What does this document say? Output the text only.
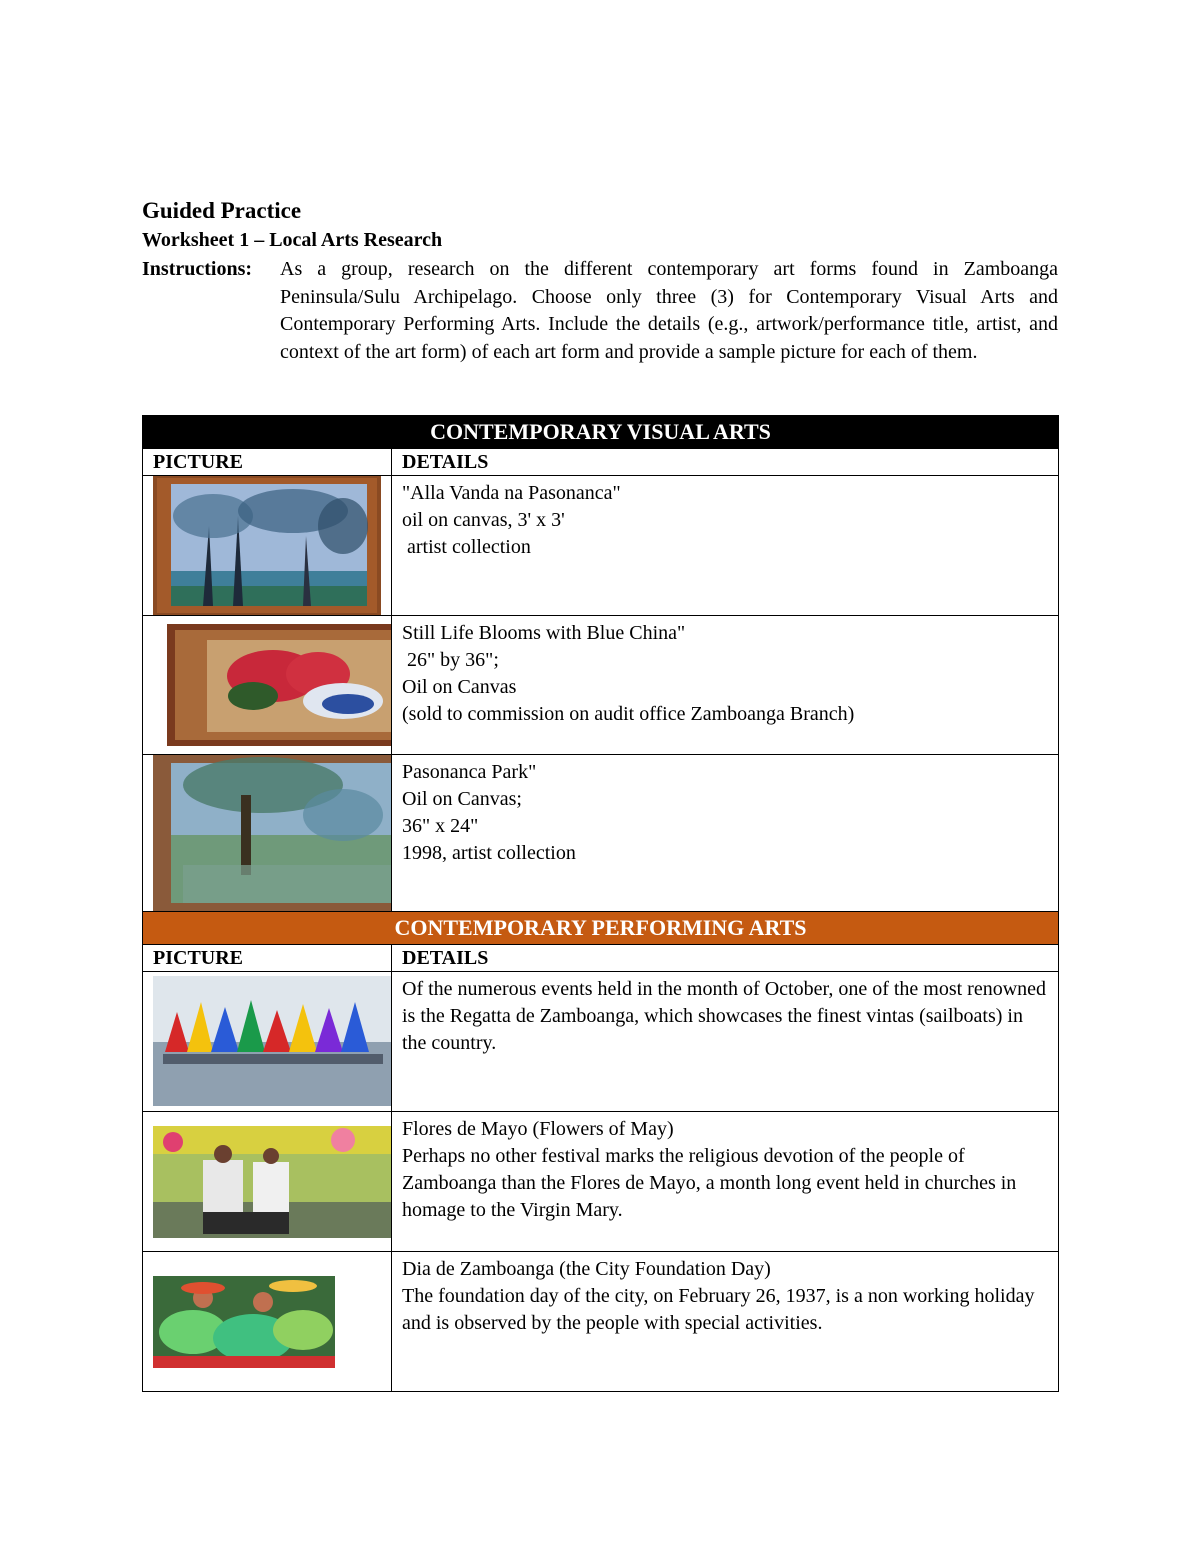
Guided Practice
Worksheet 1 – Local Arts Research
Instructions:	As a group, research on the different contemporary art forms found in Zamboanga Peninsula/Sulu Archipelago. Choose only three (3) for Contemporary Visual Arts and Contemporary Performing Arts. Include the details (e.g., artwork/performance title, artist, and context of the art form) of each art form and provide a sample picture for each of them.
CONTEMPORARY VISUAL ARTS	
PICTURE	DETAILS

"Alla Vanda na Pasonanca"
oil on canvas, 3' x 3'
artist collection

Still Life Blooms with Blue China"
26" by 36";
Oil on Canvas
(sold to commission on audit office Zamboanga Branch)

Pasonanca Park"
Oil on Canvas;
36" x 24"
1998, artist collection

CONTEMPORARY PERFORMING ARTS	
PICTURE	DETAILS

Of the numerous events held in the month of October, one of the most renowned is the Regatta de Zamboanga, which showcases the finest vintas (sailboats) in the country.

Flores de Mayo (Flowers of May)
Perhaps no other festival marks the religious devotion of the people of Zamboanga than the Flores de Mayo, a month long event held in churches in homage to the Virgin Mary.

Dia de Zamboanga (the City Foundation Day)
The foundation day of the city, on February 26, 1937, is a non working holiday and is observed by the people with special activities.
